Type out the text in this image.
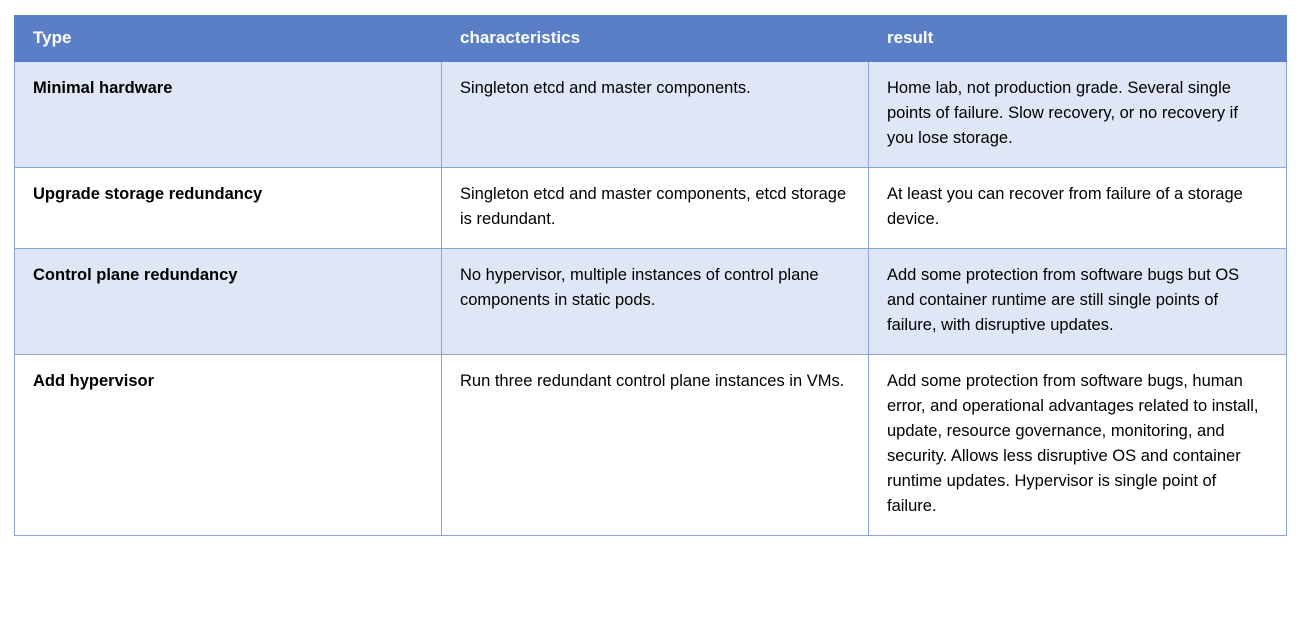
Type	characteristics	result
Minimal hardware	Singleton etcd and master components.	Home lab, not production grade. Several single points of failure. Slow recovery, or no recovery if you lose storage.
Upgrade storage redundancy	Singleton etcd and master components, etcd storage is redundant.	At least you can recover from failure of a storage device.
Control plane redundancy	No hypervisor, multiple instances of control plane components in static pods.	Add some protection from software bugs but OS and container runtime are still single points of failure, with disruptive updates.
Add hypervisor	Run three redundant control plane instances in VMs.	Add some protection from software bugs, human error, and operational advantages related to install, update, resource governance, monitoring, and security. Allows less disruptive OS and container runtime updates. Hypervisor is single point of failure.
